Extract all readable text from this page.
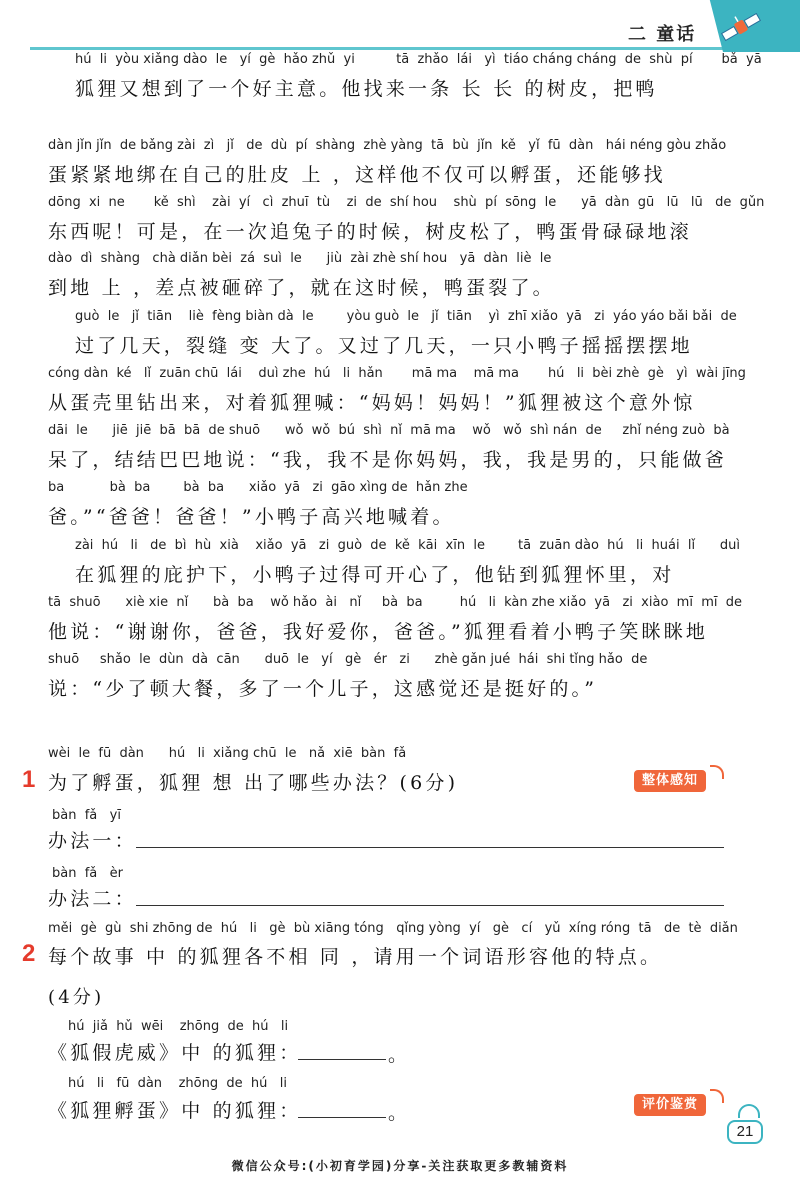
二 童话
hú  li  yòu xiǎng dào  le   yí  gè  hǎo zhǔ  yi          tā  zhǎo  lái   yì  tiáo cháng cháng  de  shù  pí       bǎ  yā
狐狸又想到了一个好主意。他找来一条 长 长 的树皮，把鸭
dàn jǐn jǐn  de bǎng zài  zì   jǐ   de  dù  pí  shàng  zhè yàng  tā  bù  jǐn  kě   yǐ  fū  dàn   hái néng gòu zhǎo
蛋紧紧地绑在自己的肚皮 上 ，这样他不仅可以孵蛋，还能够找
dōng  xi  ne       kě  shì    zài  yí   cì  zhuī  tù    zi  de  shí hou    shù  pí  sōng  le      yā  dàn  gū   lū   lū   de  gǔn
东西呢！可是，在一次追兔子的时候，树皮松了，鸭蛋骨碌碌地滚
dào  dì  shàng   chà diǎn bèi  zá  suì  le      jiù  zài zhè shí hou   yā  dàn  liè  le
到地 上 ，差点被砸碎了，就在这时候，鸭蛋裂了。
guò  le   jǐ  tiān    liè  fèng biàn dà  le        yòu guò  le   jǐ  tiān    yì  zhī xiǎo  yā   zi  yáo yáo bǎi bǎi  de
过了几天，裂缝 变 大了。又过了几天，一只小鸭子摇摇摆摆地
cóng dàn  ké   lǐ  zuān chū  lái    duì zhe  hú   li  hǎn       mā ma    mā ma       hú   li  bèi zhè  gè   yì  wài jīng
从蛋壳里钻出来，对着狐狸喊：“妈妈！妈妈！”狐狸被这个意外惊
dāi  le      jiē  jiē  bā  bā  de shuō      wǒ  wǒ  bú  shì  nǐ  mā ma    wǒ   wǒ  shì nán  de     zhǐ néng zuò  bà
呆了，结结巴巴地说：“我，我不是你妈妈，我，我是男的，只能做爸
ba           bà  ba        bà  ba      xiǎo  yā   zi  gāo xìng de  hǎn zhe
爸。”“爸爸！爸爸！”小鸭子高兴地喊着。
zài  hú   li   de  bì  hù  xià    xiǎo  yā   zi  guò  de  kě  kāi  xīn  le        tā  zuān dào  hú   li  huái  lǐ      duì
在狐狸的庇护下，小鸭子过得可开心了，他钻到狐狸怀里，对
tā  shuō      xiè xie  nǐ      bà  ba    wǒ hǎo  ài   nǐ     bà  ba         hú   li  kàn zhe xiǎo  yā   zi  xiào  mī  mī  de
他说：“谢谢你，爸爸，我好爱你，爸爸。”狐狸看着小鸭子笑眯眯地
shuō     shǎo  le  dùn  dà  cān      duō  le   yí   gè   ér   zi      zhè gǎn jué  hái  shi tǐng hǎo  de
说：“少了顿大餐，多了一个儿子，这感觉还是挺好的。”
wèi  le  fū  dàn      hú   li  xiǎng chū  le   nǎ  xiē  bàn  fǎ
1 为了孵蛋，狐狸 想 出了哪些办法？(6分)	整体感知
bàn  fǎ   yī
办法一：
bàn  fǎ   èr
办法二：
měi  gè  gù  shi zhōng de  hú   li   gè  bù xiāng tóng   qǐng yòng  yí   gè   cí   yǔ  xíng róng  tā   de  tè  diǎn
2 每个故事 中 的狐狸各不相 同 ，请用一个词语形容他的特点。
(4分)
hú  jiǎ  hǔ  wēi    zhōng  de  hú   li
《狐假虎威》中 的狐狸：	。
hú   li   fū  dàn    zhōng  de  hú   li
《狐狸孵蛋》中 的狐狸：	。	评价鉴赏
21
微信公众号:(小初育学园)分享-关注获取更多教辅资料
